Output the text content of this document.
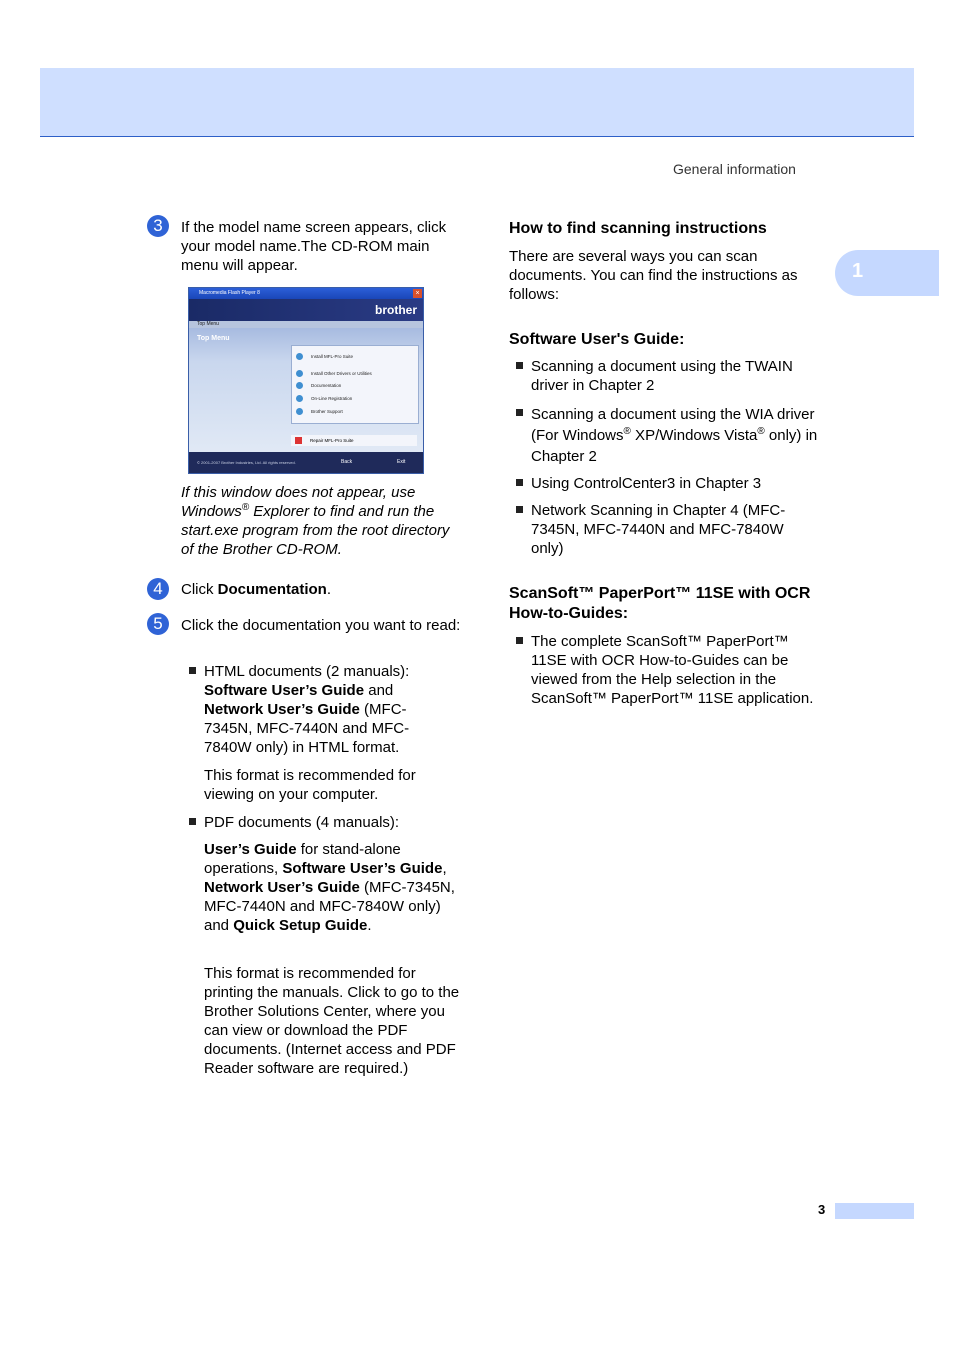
General information
1
3	If the model name screen appears, click your model name.The CD-ROM main menu will appear.

Macromedia Flash Player 8	×
brother
Top Menu
Top Menu
Install MFL-Pro Suite
Install Other Drivers or Utilities
Documentation
On-Line Registration
Brother Support
Repair MFL-Pro Suite
© 2001-2007 Brother Industries, Ltd. All rights reserved.	Back	Exit

If this window does not appear, use Windows® Explorer to find and run the start.exe program from the root directory of the Brother CD-ROM.

4	Click Documentation.

5	Click the documentation you want to read:

HTML documents (2 manuals): Software User’s Guide and Network User’s Guide (MFC-7345N, MFC-7440N and MFC-7840W only) in HTML format.

This format is recommended for viewing on your computer.

PDF documents (4 manuals):

User’s Guide for stand-alone operations, Software User’s Guide, Network User’s Guide (MFC-7345N, MFC-7440N and MFC-7840W only) and Quick Setup Guide.

This format is recommended for printing the manuals. Click to go to the Brother Solutions Center, where you can view or download the PDF documents. (Internet access and PDF Reader software are required.)

How to find scanning instructions

There are several ways you can scan documents. You can find the instructions as follows:

Software User's Guide:

Scanning a document using the TWAIN driver in Chapter 2

Scanning a document using the WIA driver (For Windows® XP/Windows Vista® only) in Chapter 2

Using ControlCenter3 in Chapter 3

Network Scanning in Chapter 4 (MFC-7345N, MFC-7440N and MFC-7840W only)

ScanSoft™ PaperPort™ 11SE with OCR How-to-Guides:

The complete ScanSoft™ PaperPort™ 11SE with OCR How-to-Guides can be viewed from the Help selection in the ScanSoft™ PaperPort™ 11SE application.

3
